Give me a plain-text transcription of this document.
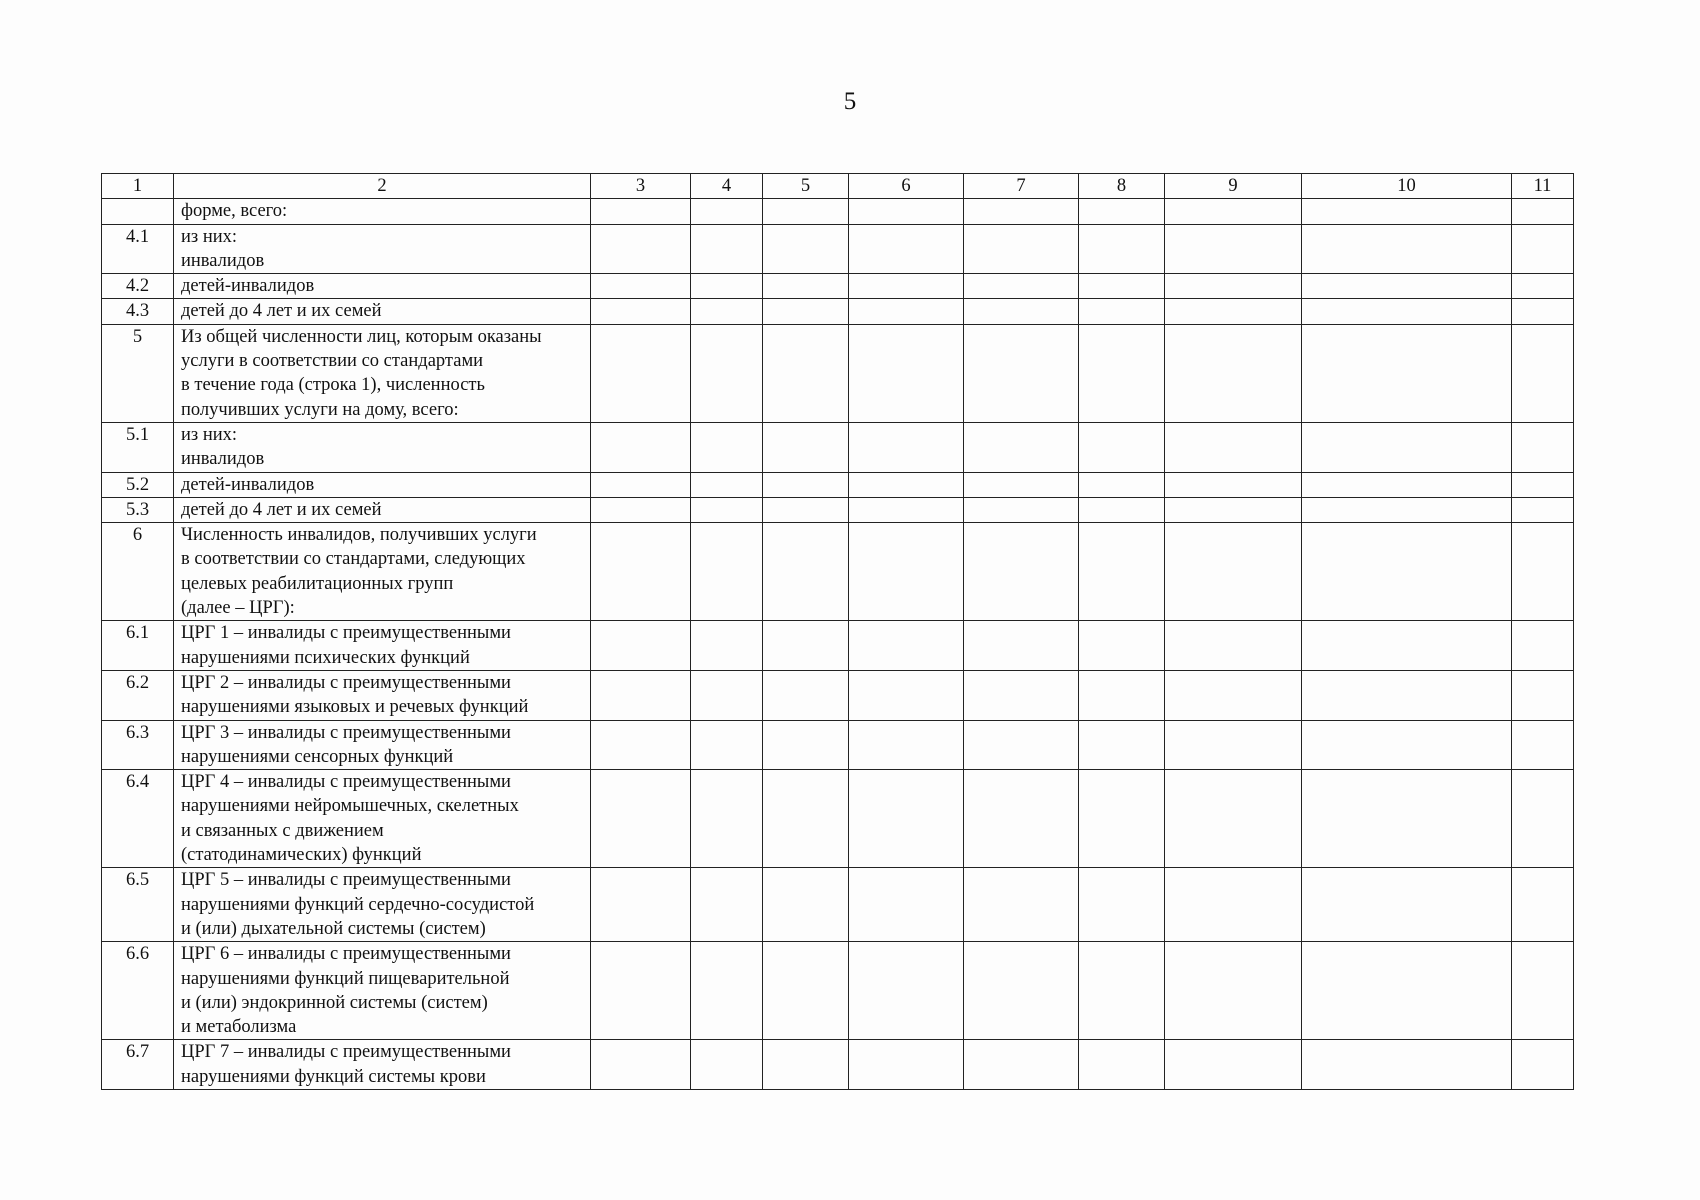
5
1	2	3	4	5	6	7	8	9	10	11
	форме, всего:									
4.1	из них:
инвалидов									
4.2	детей-инвалидов									
4.3	детей до 4 лет и их семей									
5	Из общей численности лиц, которым оказаны
услуги в соответствии со стандартами
в течение года (строка 1), численность
получивших услуги на дому, всего:									
5.1	из них:
инвалидов									
5.2	детей-инвалидов									
5.3	детей до 4 лет и их семей									
6	Численность инвалидов, получивших услуги
в соответствии со стандартами, следующих
целевых реабилитационных групп
(далее – ЦРГ):									
6.1	ЦРГ 1 – инвалиды с преимущественными
нарушениями психических функций									
6.2	ЦРГ 2 – инвалиды с преимущественными
нарушениями языковых и речевых функций									
6.3	ЦРГ 3 – инвалиды с преимущественными
нарушениями сенсорных функций									
6.4	ЦРГ 4 – инвалиды с преимущественными
нарушениями нейромышечных, скелетных
и связанных с движением
(статодинамических) функций									
6.5	ЦРГ 5 – инвалиды с преимущественными
нарушениями функций сердечно-сосудистой
и (или) дыхательной системы (систем)									
6.6	ЦРГ 6 – инвалиды с преимущественными
нарушениями функций пищеварительной
и (или) эндокринной системы (систем)
и метаболизма									
6.7	ЦРГ 7 – инвалиды с преимущественными
нарушениями функций системы крови									
